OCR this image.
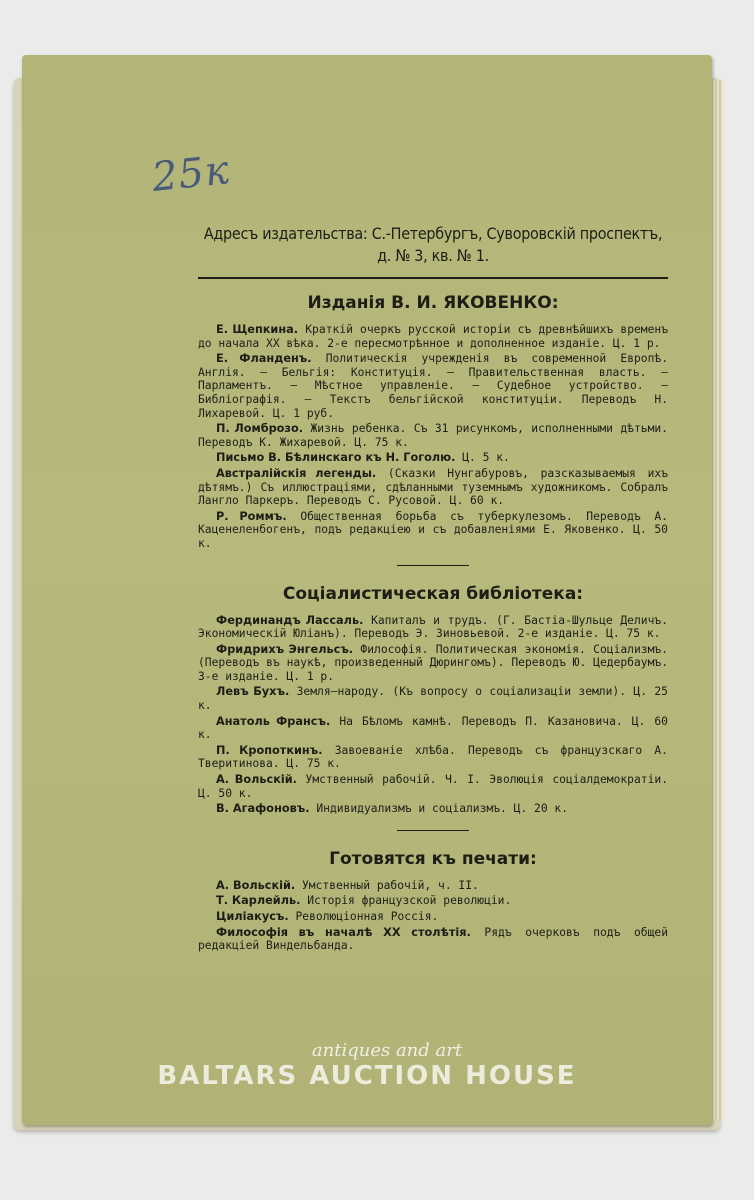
25к
Адресъ издательства: С.-Петербургъ, Суворовскій проспектъ, д. № 3, кв. № 1.
Изданія В. И. ЯКОВЕНКО:

Е. Щепкина. Краткій очеркъ русской исторіи съ древнѣйшихъ временъ до начала XX вѣка. 2-е пересмотрѣнное и дополненное изданіе. Ц. 1 р.

Е. Фланденъ. Политическія учрежденія въ современной Европѣ. Англія. — Бельгія: Конституція. — Правительственная власть. — Парламентъ. — Мѣстное управленіе. — Судебное устройство. — Библіографія. — Текстъ бельгійской конституціи. Переводъ Н. Лихаревой. Ц. 1 руб.

П. Ломброзо. Жизнь ребенка. Съ 31 рисункомъ, исполненными дѣтьми. Переводъ К. Жихаревой. Ц. 75 к.

Письмо В. Бѣлинскаго къ Н. Гоголю. Ц. 5 к.

Австралійскія легенды. (Сказки Нунгабуровъ, разсказываемыя ихъ дѣтямъ.) Съ иллюстраціями, сдѣланными туземнымъ художникомъ. Собралъ Ланглo Паркеръ. Переводъ С. Русовой. Ц. 60 к.

Р. Роммъ. Общественная борьба съ туберкулезомъ. Переводъ А. Каценеленбогенъ, подъ редакціею и съ добавленіями Е. Яковенко. Ц. 50 к.

Соціалистическая библіотека:

Фердинандъ Лассаль. Капиталъ и трудъ. (Г. Бастіа-Шульце Деличъ. Экономическій Юліанъ). Переводъ Э. Зиновьевой. 2-е изданіе. Ц. 75 к.

Фридрихъ Энгельсъ. Философія. Политическая экономія. Соціализмъ. (Переводъ въ наукѣ, произведенный Дюрингомъ). Переводъ Ю. Цедербаумъ. 3-е изданіе. Ц. 1 р.

Левъ Бухъ. Земля—народу. (Къ вопросу о соціализаціи земли). Ц. 25 к.

Анатоль Франсъ. На Бѣломъ камнѣ. Переводъ П. Казановича. Ц. 60 к.

П. Кропоткинъ. Завоеваніе хлѣба. Переводъ съ французскаго А. Тверитинова. Ц. 75 к.

А. Вольскій. Умственный рабочій. Ч. I. Эволюція соціалдемократіи. Ц. 50 к.

В. Агафоновъ. Индивидуализмъ и соціализмъ. Ц. 20 к.

Готовятся къ печати:

А. Вольскій. Умственный рабочій, ч. II.

Т. Карлейль. Исторія французской революціи.

Циліакусъ. Революціонная Россія.

Философія въ началѣ XX столѣтія. Рядъ очерковъ подъ общей редакціей Виндельбанда.

antiques and art
BALTARS AUCTION HOUSE
